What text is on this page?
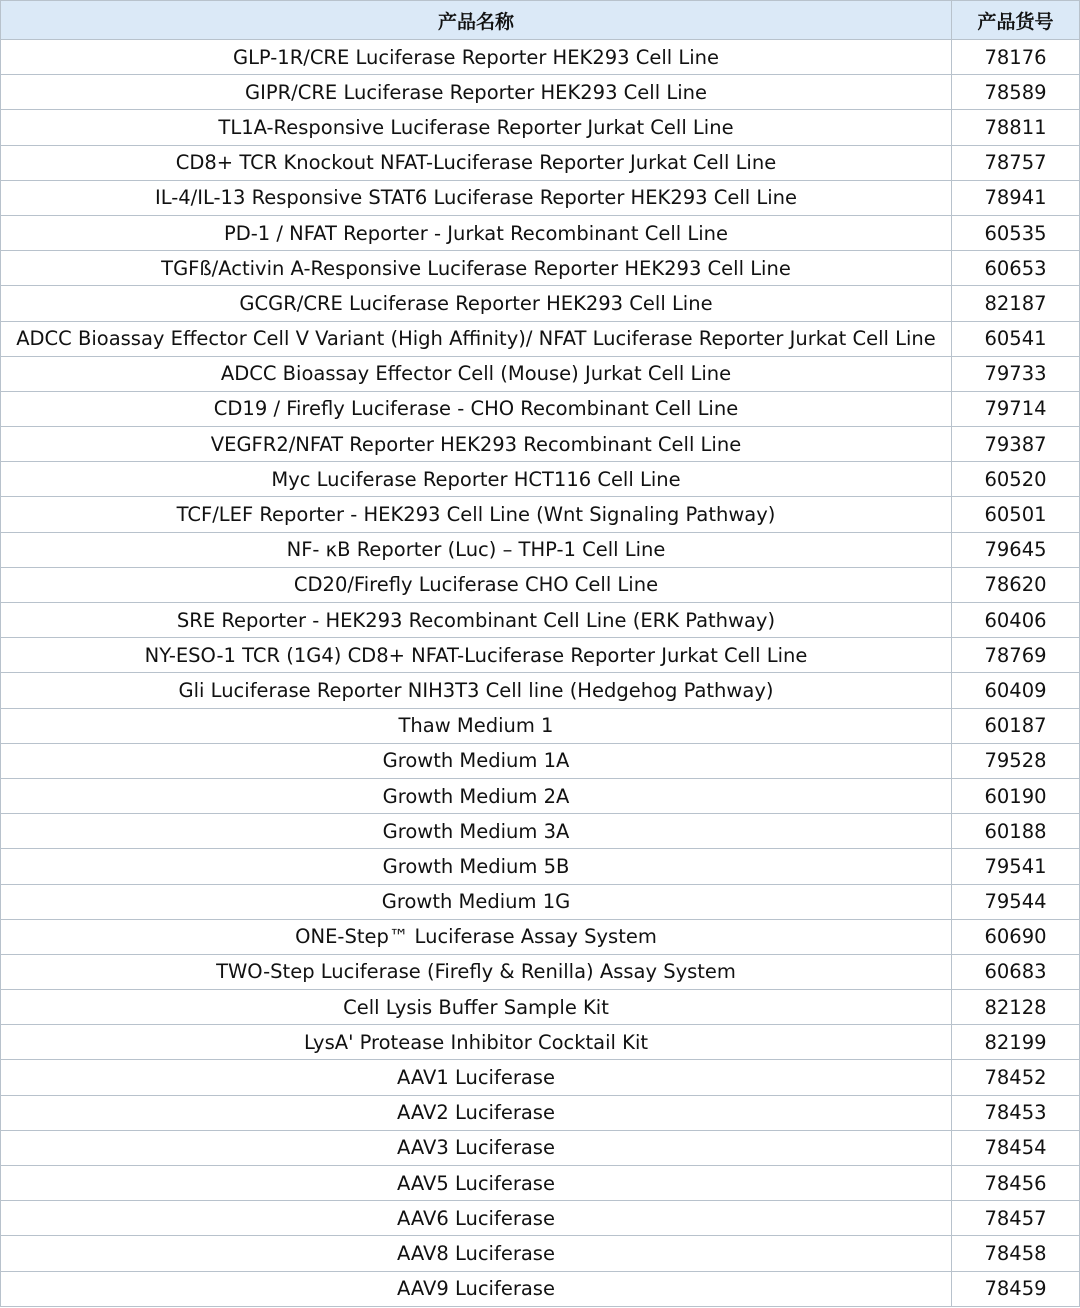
产品名称	产品货号
GLP-1R/CRE Luciferase Reporter HEK293 Cell Line	78176
GIPR/CRE Luciferase Reporter HEK293 Cell Line	78589
TL1A-Responsive Luciferase Reporter Jurkat Cell Line	78811
CD8+ TCR Knockout NFAT-Luciferase Reporter Jurkat Cell Line	78757
IL-4/IL-13 Responsive STAT6 Luciferase Reporter HEK293 Cell Line	78941
PD-1 / NFAT Reporter - Jurkat Recombinant Cell Line	60535
TGFß/Activin A-Responsive Luciferase Reporter HEK293 Cell Line	60653
GCGR/CRE Luciferase Reporter HEK293 Cell Line	82187
ADCC Bioassay Effector Cell V Variant (High Affinity)/ NFAT Luciferase Reporter Jurkat Cell Line	60541
ADCC Bioassay Effector Cell (Mouse) Jurkat Cell Line	79733
CD19 / Firefly Luciferase - CHO Recombinant Cell Line	79714
VEGFR2/NFAT Reporter HEK293 Recombinant Cell Line	79387
Myc Luciferase Reporter HCT116 Cell Line	60520
TCF/LEF Reporter - HEK293 Cell Line (Wnt Signaling Pathway)	60501
NF- κB Reporter (Luc) – THP-1 Cell Line	79645
CD20/Firefly Luciferase CHO Cell Line	78620
SRE Reporter - HEK293 Recombinant Cell Line (ERK Pathway)	60406
NY-ESO-1 TCR (1G4) CD8+ NFAT-Luciferase Reporter Jurkat Cell Line	78769
Gli Luciferase Reporter NIH3T3 Cell line (Hedgehog Pathway)	60409
Thaw Medium 1	60187
Growth Medium 1A	79528
Growth Medium 2A	60190
Growth Medium 3A	60188
Growth Medium 5B	79541
Growth Medium 1G	79544
ONE-Step™ Luciferase Assay System	60690
TWO-Step Luciferase (Firefly & Renilla) Assay System	60683
Cell Lysis Buffer Sample Kit	82128
LysA' Protease Inhibitor Cocktail Kit	82199
AAV1 Luciferase	78452
AAV2 Luciferase	78453
AAV3 Luciferase	78454
AAV5 Luciferase	78456
AAV6 Luciferase	78457
AAV8 Luciferase	78458
AAV9 Luciferase	78459
